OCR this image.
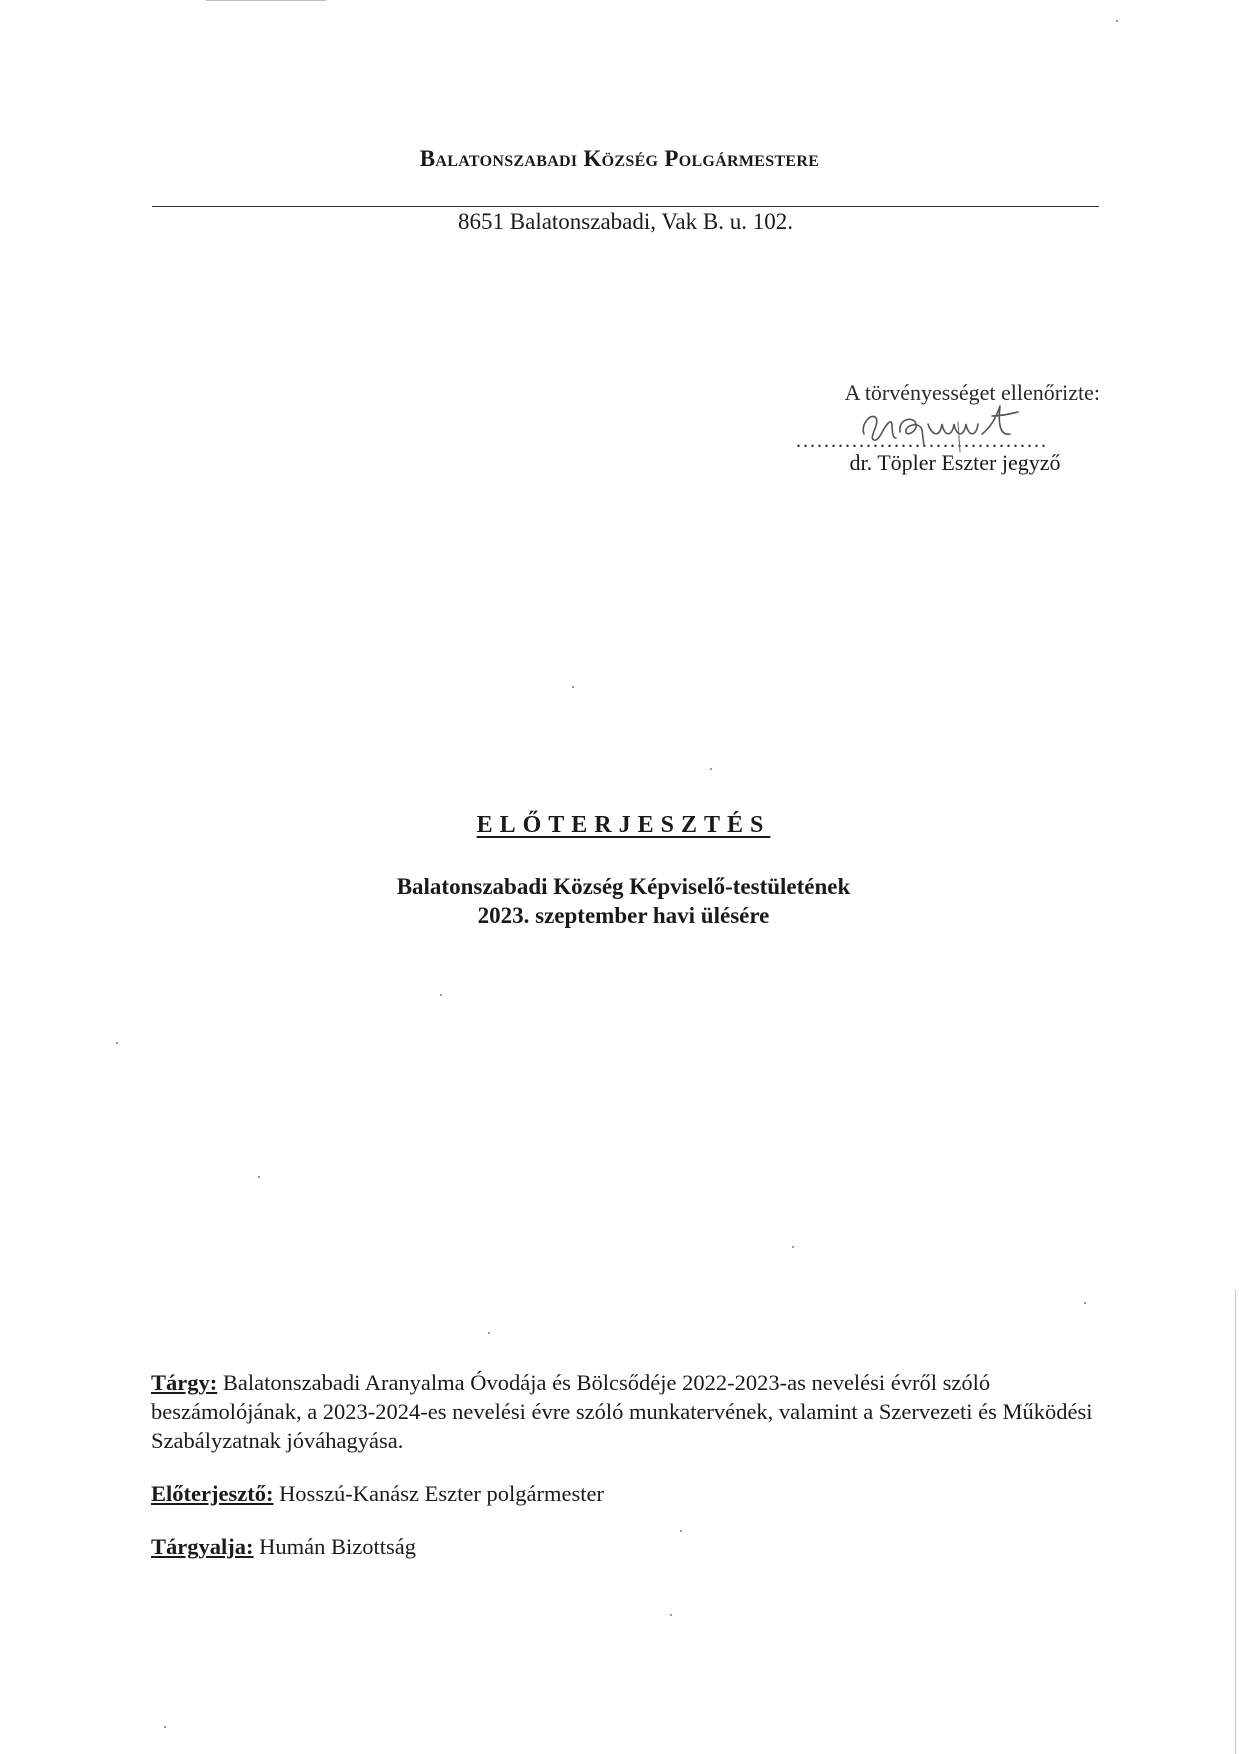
Balatonszabadi Község Polgármestere
8651 Balatonszabadi, Vak B. u. 102.
A törvényességet ellenőrizte:
....................................
dr. Töpler Eszter jegyző
ELŐTERJESZTÉS
Balatonszabadi Község Képviselő-testületének
2023. szeptember havi ülésére

Tárgy: Balatonszabadi Aranyalma Óvodája és Bölcsődéje 2022-2023-as nevelési évről szóló beszámolójának, a 2023-2024-es nevelési évre szóló munkatervének, valamint a Szervezeti és Működési Szabályzatnak jóváhagyása.

Előterjesztő: Hosszú-Kanász Eszter polgármester

Tárgyalja: Humán Bizottság
